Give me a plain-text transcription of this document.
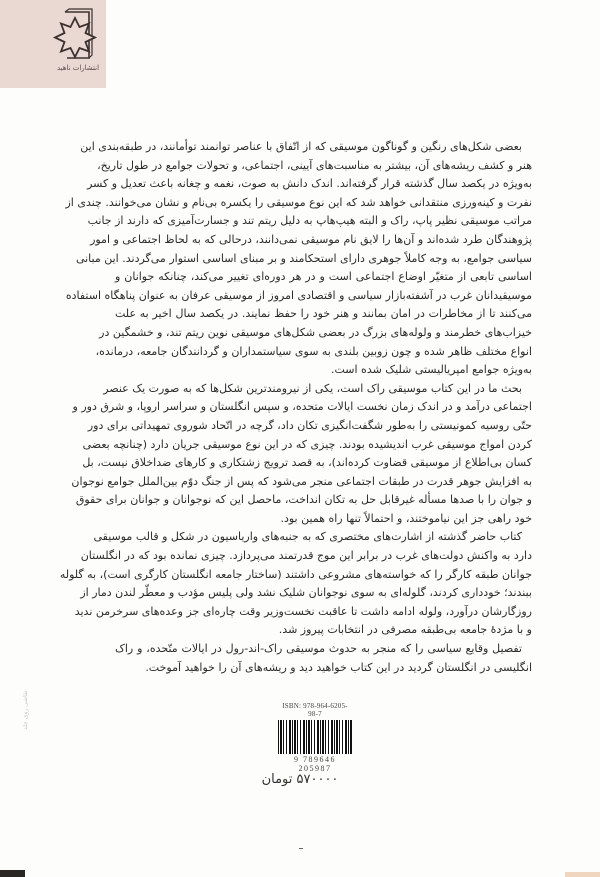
انتشارات ناهید
بعضی شکل‌های رنگین و گوناگون موسیقی که از اتّفاق با عناصر توانمند توأمانند، در طبقه‌بندی این
هنر و کشف ریشه‌های آن، بیشتر به مناسبت‌های آیینی، اجتماعی، و تحولات جوامع در طول تاریخ،
به‌ویژه در یکصد سال گذشته قرار گرفته‌اند. اندک دانش به صوت، نغمه و چغانه باعث تعدیل و کسر
نفرت و کینه‌ورزی منتقدانی خواهد شد که این نوع موسیقی را یکسره بی‌نام و نشان می‌خوانند. چندی از
مراتب موسیقی نظیر پاپ، راک و البته هیپ‌هاپ به دلیل ریتم تند و جسارت‌آمیزی که دارند از جانب
پژوهندگان طرد شده‌اند و آن‌ها را لایق نام موسیقی نمی‌دانند، درحالی که به لحاظ اجتماعی و امور
سیاسی جوامع، به وجه کاملاً جوهری دارای استحکامند و بر مبنای اساسی استوار می‌گردند. این مبانی
اساسی تابعی از متغیّر اوضاع اجتماعی است و در هر دوره‌ای تغییر می‌کند، چنانکه جوانان و
موسیقیدانان غرب در آشفته‌بازار سیاسی و اقتصادی امروز از موسیقی عرفان به عنوان پناهگاه استفاده
می‌کنند تا از مخاطرات در امان بمانند و هنر خود را حفظ نمایند. در یکصد سال اخیر به علت
خیزاب‌های خطرمند و ولوله‌های بزرگ در بعضی شکل‌های موسیقی نوین ریتم تند، و خشمگین در
انواع مختلف ظاهر شده و چون زوبین بلندی به سوی سیاستمداران و گردانندگان جامعه، درمانده،
به‌ویژه جوامع امپریالیستی شلیک شده است.
بحث ما در این کتاب موسیقی راک است، یکی از نیرومندترین شکل‌ها که به صورت یک عنصر
اجتماعی درآمد و در اندک زمان نخست ایالات متحده، و سپس انگلستان و سراسر اروپا، و شرق دور و
حتّی روسیه کمونیستی را به‌طور شگفت‌انگیزی تکان داد، گرچه در اتّحاد شوروی تمهیداتی برای دور
کردن امواج موسیقی غرب اندیشیده بودند. چیزی که در این نوع موسیقی جریان دارد (چنانچه بعضی
کسان بی‌اطلاع از موسیقی قضاوت کرده‌اند)، به قصد ترویج زشتکاری و کارهای ضداخلاق نیست، بل
به افزایش جوهر قدرت در طبقات اجتماعی منجر می‌شود که پس از جنگ دوّم بین‌الملل جوامع نوجوان
و جوان را با صدها مسأله غیرقابل حل به تکان انداخت، ماحصل این که نوجوانان و جوانان برای حقوق
خود راهی جز این نیاموختند، و احتمالاً تنها راه همین بود.
کتاب حاضر گذشته از اشارت‌های مختصری که به جنبه‌های واریاسیون در شکل و قالب موسیقی
دارد به واکنش دولت‌های غرب در برابر این موج قدرتمند می‌پردازد. چیزی نمانده بود که در انگلستان
جوانان طبقه کارگر را که خواسته‌های مشروعی داشتند (ساختار جامعه انگلستان کارگری است)، به گلوله
ببندند؛ خودداری کردند، گلوله‌ای به سوی نوجوانان شلیک نشد ولی پلیس مؤدب و معطّر لندن دمار از
روزگارشان درآورد، ولوله ادامه داشت تا عاقبت نخست‌وزیر وقت چاره‌ای جز وعده‌های سرخرمن ندید
و با مژدهٔ جامعه بی‌طبقه مصرفی در انتخابات پیروز شد.
تفصیل وقایع سیاسی را که منجر به حدوث موسیقی راک-اند-رول در ایالات متّحده، و راک
انگلیسی در انگلستان گردید در این کتاب خواهید دید و ریشه‌های آن را خواهید آموخت.
ISBN: 978-964-6205-98-7
9 789646 205987
۵۷۰۰۰۰ تومان
نقاشی روی جلد
